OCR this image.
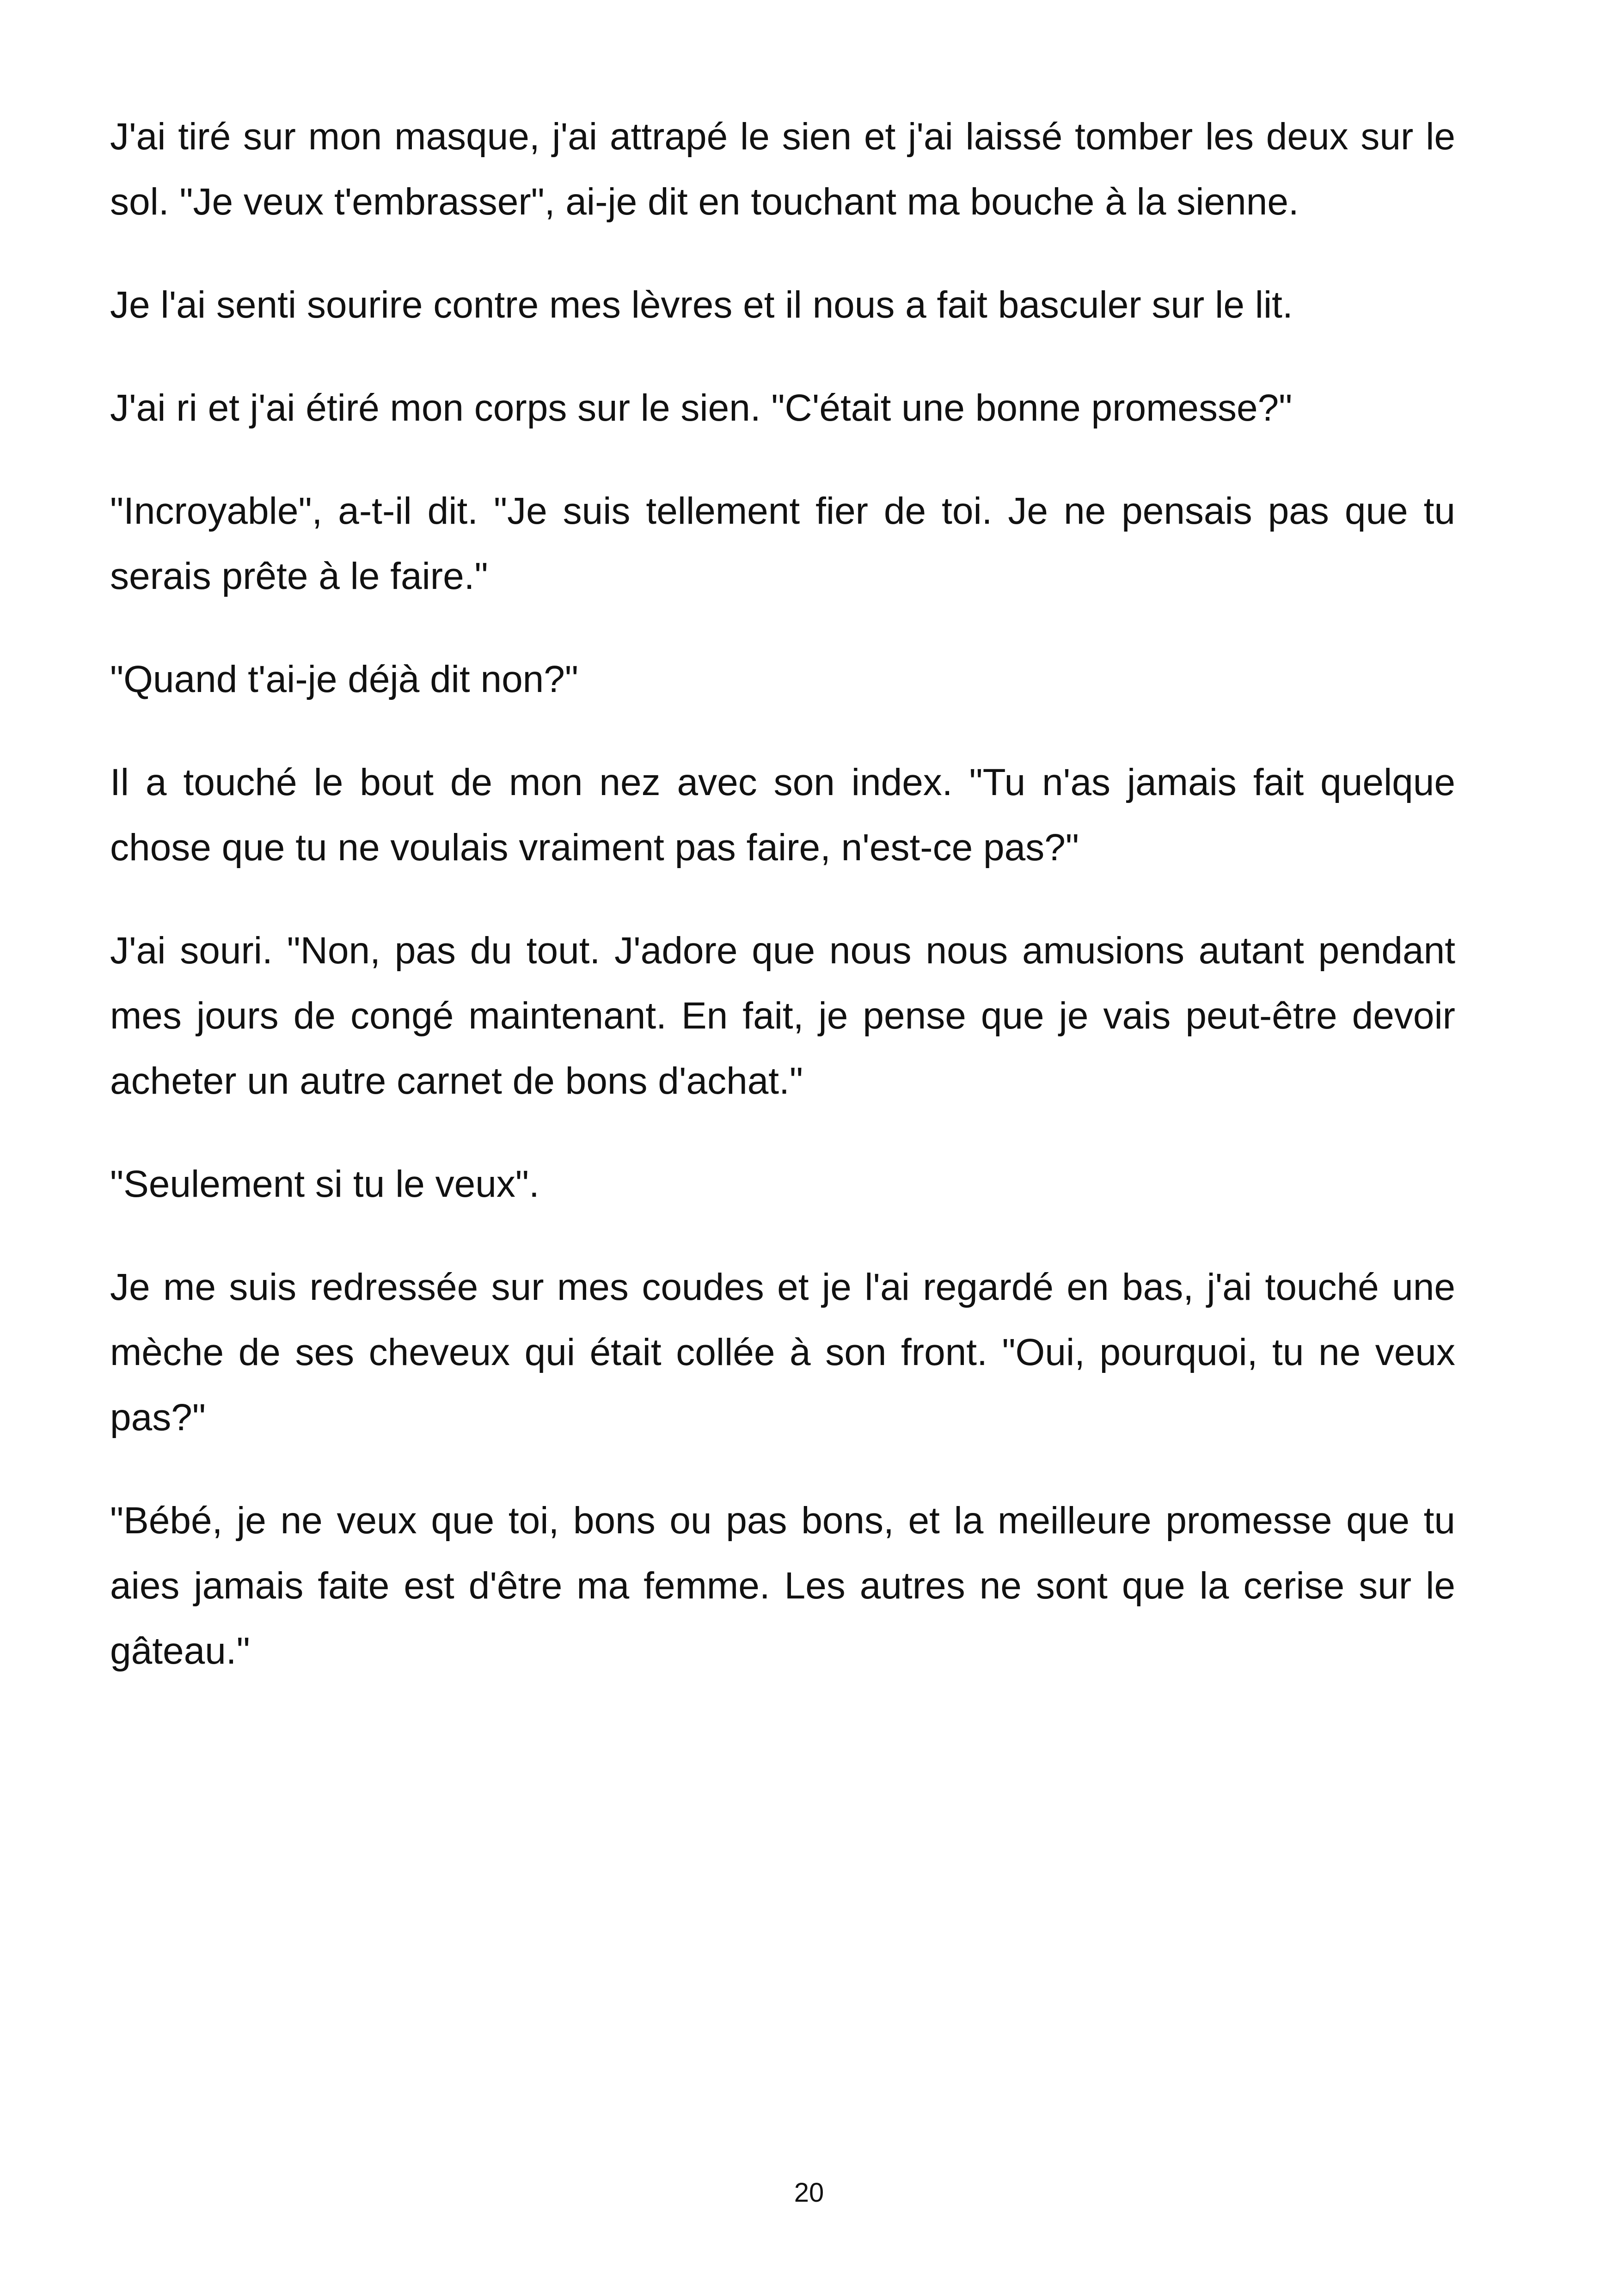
J'ai tiré sur mon masque, j'ai attrapé le sien et j'ai laissé tomber les deux sur le sol. "Je veux t'embrasser", ai-je dit en touchant ma bouche à la sienne.

Je l'ai senti sourire contre mes lèvres et il nous a fait basculer sur le lit.

J'ai ri et j'ai étiré mon corps sur le sien. "C'était une bonne promesse?"

"Incroyable", a-t-il dit. "Je suis tellement fier de toi. Je ne pensais pas que tu serais prête à le faire."

"Quand t'ai-je déjà dit non?"

Il a touché le bout de mon nez avec son index. "Tu n'as jamais fait quelque chose que tu ne voulais vraiment pas faire, n'est-ce pas?"

J'ai souri. "Non, pas du tout. J'adore que nous nous amusions autant pendant mes jours de congé maintenant. En fait, je pense que je vais peut-être devoir acheter un autre carnet de bons d'achat."

"Seulement si tu le veux".

Je me suis redressée sur mes coudes et je l'ai regardé en bas, j'ai touché une mèche de ses cheveux qui était collée à son front. "Oui, pourquoi, tu ne veux pas?"

"Bébé, je ne veux que toi, bons ou pas bons, et la meilleure promesse que tu aies jamais faite est d'être ma femme. Les autres ne sont que la cerise sur le gâteau."

20
